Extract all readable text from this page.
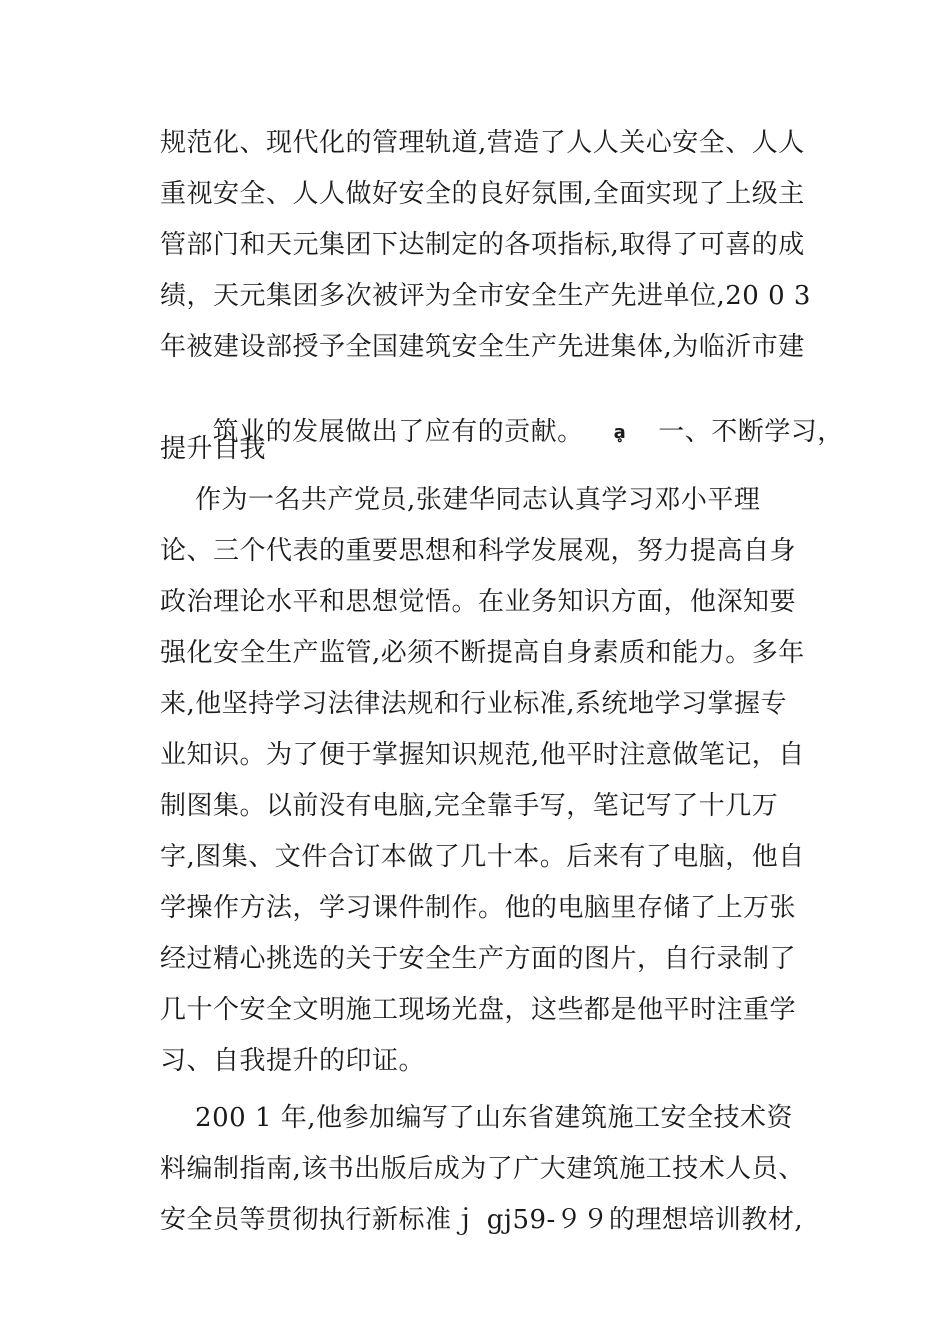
规范化、现代化的管理轨道,营造了人人关心安全、人人
重视安全、人人做好安全的良好氛围,全面实现了上级主
管部门和天元集团下达制定的各项指标,取得了可喜的成
绩，天元集团多次被评为全市安全生产先进单位,20 0 3
年被建设部授予全国建筑安全生产先进集体,为临沂市建

筑业的发展做出了应有的贡献。 ḁ 一、不断学习，

提升自我
作为一名共产党员,张建华同志认真学习邓小平理
论、三个代表的重要思想和科学发展观，努力提高自身
政治理论水平和思想觉悟。在业务知识方面，他深知要
强化安全生产监管,必须不断提高自身素质和能力。多年
来,他坚持学习法律法规和行业标准,系统地学习掌握专
业知识。为了便于掌握知识规范,他平时注意做笔记，自
制图集。以前没有电脑,完全靠手写，笔记写了十几万
字,图集、文件合订本做了几十本。后来有了电脑，他自
学操作方法，学习课件制作。他的电脑里存储了上万张
经过精心挑选的关于安全生产方面的图片，自行录制了
几十个安全文明施工现场光盘，这些都是他平时注重学
习、自我提升的印证。
200 1 年,他参加编写了山东省建筑施工安全技术资
料编制指南,该书出版后成为了广大建筑施工技术人员、
安全员等贯彻执行新标准ｊ gj59-９９的理想培训教材,
